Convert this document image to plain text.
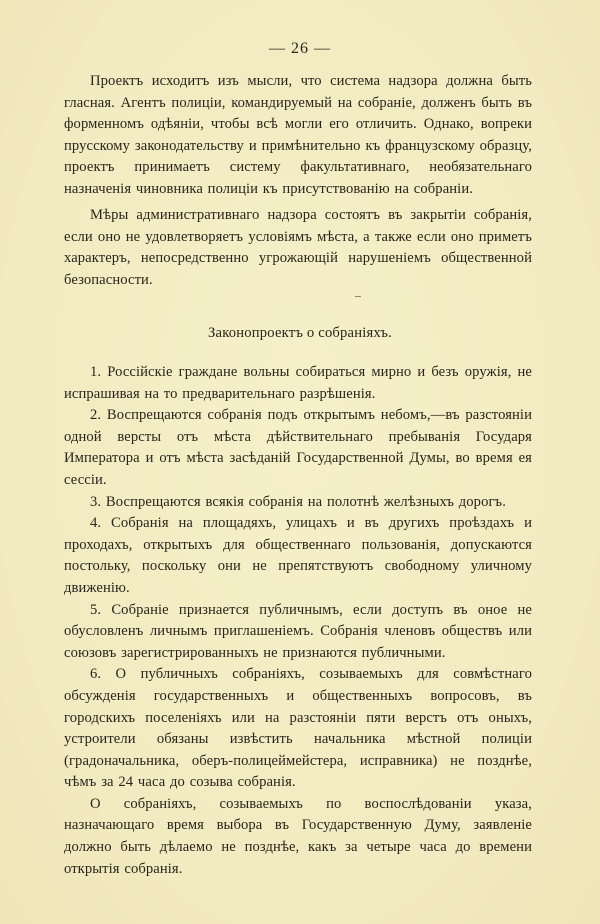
— 26 —

Проектъ исходитъ изъ мысли, что система надзора должна быть гласная. Агентъ полиціи, командируемый на собраніе, долженъ быть въ форменномъ одѣяніи, чтобы всѣ могли его отличить. Однако, вопреки прусскому законодательству и примѣнительно къ французскому образцу, проектъ принимаетъ систему факультативнаго, необязательнаго назначенія чиновника полиціи къ присутствованію на собраніи.

Мѣры административнаго надзора состоятъ въ закрытіи собранія, если оно не удовлетворяетъ условіямъ мѣста, а также если оно приметъ характеръ, непосредственно угрожающій нарушеніемъ общественной безопасности.

Законопроектъ о собраніяхъ.

1. Россійскіе граждане вольны собираться мирно и безъ оружія, не испрашивая на то предварительнаго разрѣшенія.

2. Воспрещаются собранія подъ открытымъ небомъ,—въ разстояніи одной версты отъ мѣста дѣйствительнаго пребыванія Государя Императора и отъ мѣста засѣданій Государственной Думы, во время ея сессіи.

3. Воспрещаются всякія собранія на полотнѣ желѣзныхъ дорогъ.

4. Собранія на площадяхъ, улицахъ и въ другихъ проѣздахъ и проходахъ, открытыхъ для общественнаго пользованія, допускаются постольку, поскольку они не препятствуютъ свободному уличному движенію.

5. Собраніе признается публичнымъ, если доступъ въ оное не обусловленъ личнымъ приглашеніемъ. Собранія членовъ обществъ или союзовъ зарегистрированныхъ не признаются публичными.

6. О публичныхъ собраніяхъ, созываемыхъ для совмѣстнаго обсужденія государственныхъ и общественныхъ вопросовъ, въ городскихъ поселеніяхъ или на разстояніи пяти верстъ отъ оныхъ, устроители обязаны извѣстить начальника мѣстной полиціи (градоначальника, оберъ-полицеймейстера, исправника) не позднѣе, чѣмъ за 24 часа до созыва собранія.

О собраніяхъ, созываемыхъ по воспослѣдованіи указа, назначающаго время выбора въ Государственную Думу, заявленіе должно быть дѣлаемо не позднѣе, какъ за четыре часа до времени открытія собранія.
